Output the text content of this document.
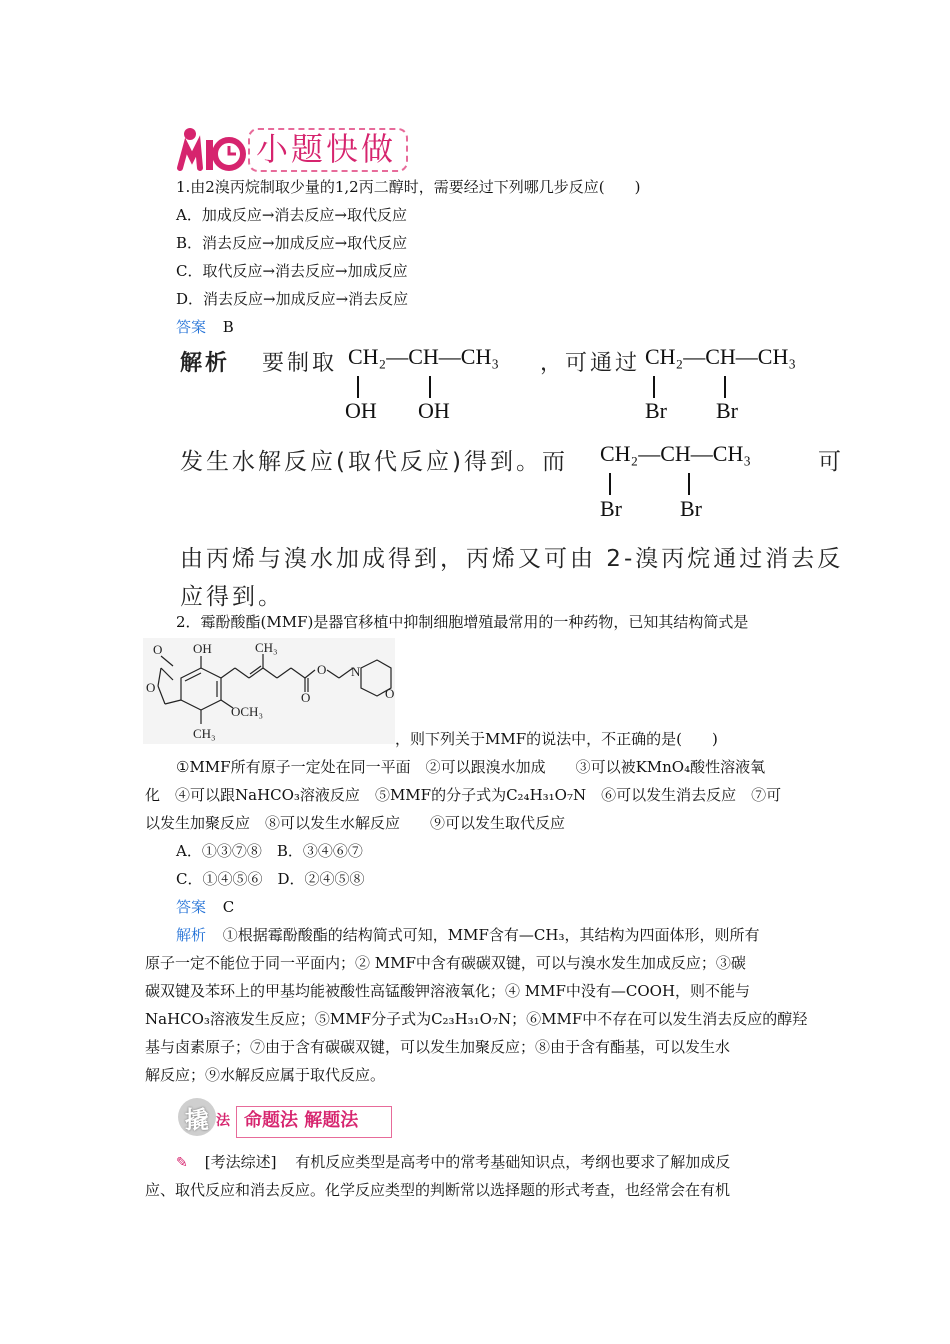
小题快做
1.由2溴丙烷制取少量的1,2丙二醇时，需要经过下列哪几步反应(　　)
A．加成反应→消去反应→取代反应
B．消去反应→加成反应→取代反应
C．取代反应→消去反应→加成反应
D．消去反应→加成反应→消去反应
答案 B
解析 要制取 CH₂—CH—CH₃
OH OH
，可通过 CH₂—CH—CH₃
Br Br
发生水解反应(取代反应)得到。而 CH₂—CH—CH₃
Br	Br
可
由丙烯与溴水加成得到，丙烯又可由 2-溴丙烷通过消去反
应得到。
2．霉酚酸酯(MMF)是器官移植中抑制细胞增殖最常用的一种药物，已知其结构简式是
OH	CH₃
O
O
O
O N
O
OCH₃
CH₃	，则下列关于MMF的说法中，不正确的是(　　)
①MMF所有原子一定处在同一平面　②可以跟溴水加成　　③可以被KMnO₄酸性溶液氧
化　④可以跟NaHCO₃溶液反应　⑤MMF的分子式为C₂₄H₃₁O₇N　⑥可以发生消去反应　⑦可
以发生加聚反应　⑧可以发生水解反应　　⑨可以发生取代反应
A．①③⑦⑧　B．③④⑥⑦
C．①④⑤⑥　D．②④⑤⑧
答案 C
解析 ①根据霉酚酸酯的结构简式可知，MMF含有—CH₃，其结构为四面体形，则所有
原子一定不能位于同一平面内；② MMF中含有碳碳双键，可以与溴水发生加成反应；③碳
碳双键及苯环上的甲基均能被酸性高锰酸钾溶液氧化；④ MMF中没有—COOH，则不能与
NaHCO₃溶液发生反应；⑤MMF分子式为C₂₃H₃₁O₇N；⑥MMF中不存在可以发生消去反应的醇羟
基与卤素原子；⑦由于含有碳碳双键，可以发生加聚反应；⑧由于含有酯基，可以发生水
解反应；⑨水解反应属于取代反应。
撬 法 命题法 解题法
✎ [考法综述] 有机反应类型是高考中的常考基础知识点，考纲也要求了解加成反
应、取代反应和消去反应。化学反应类型的判断常以选择题的形式考查，也经常会在有机
